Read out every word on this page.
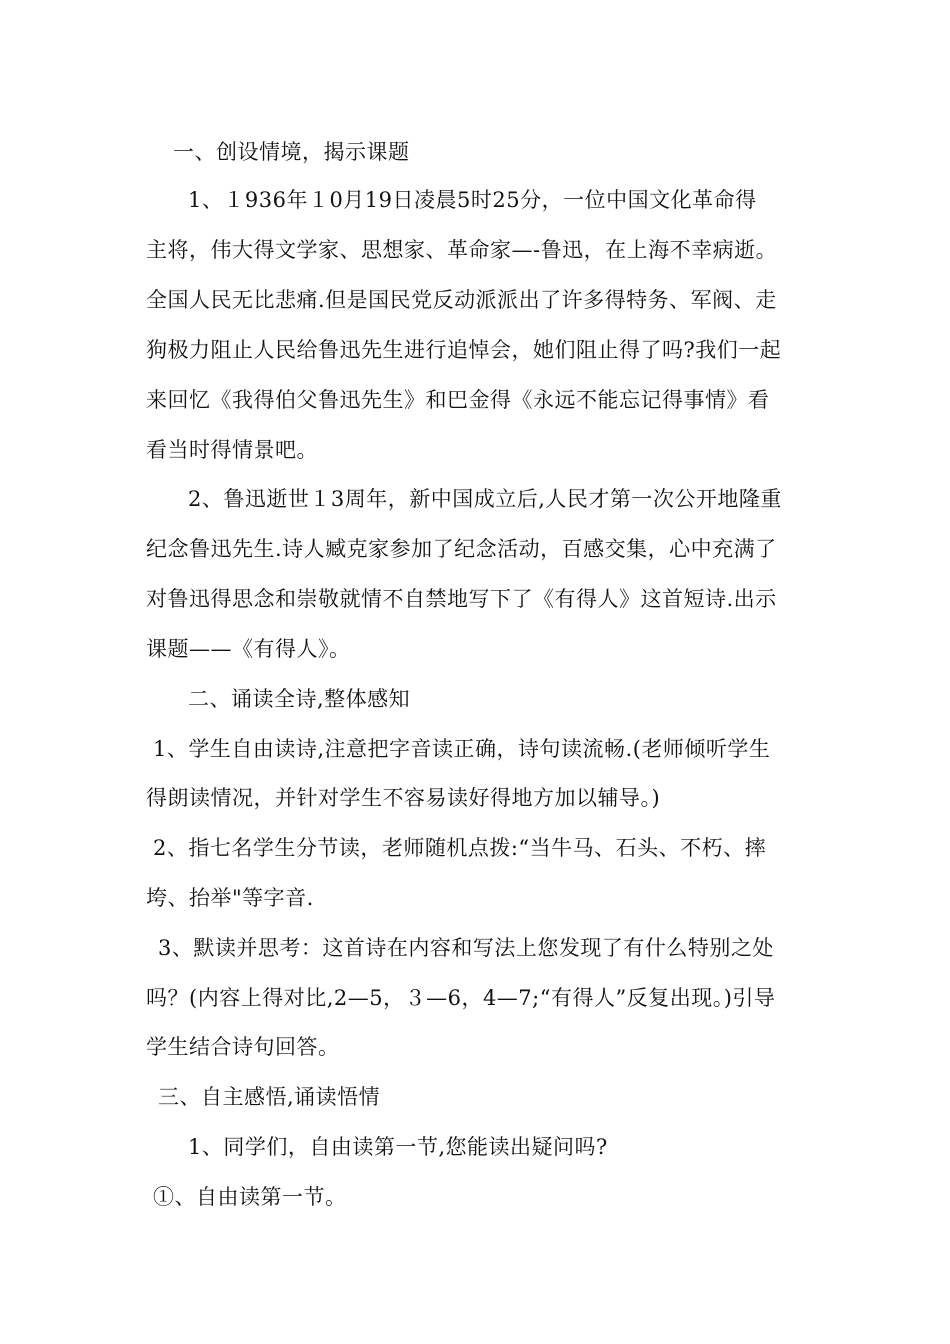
一、创设情境，揭示课题
1、１936年１0月19日凌晨5时25分，一位中国文化革命得
主将，伟大得文学家、思想家、革命家—-鲁迅，在上海不幸病逝。
全国人民无比悲痛.但是国民党反动派派出了许多得特务、军阀、走
狗极力阻止人民给鲁迅先生进行追悼会，她们阻止得了吗?我们一起
来回忆《我得伯父鲁迅先生》和巴金得《永远不能忘记得事情》看
看当时得情景吧。
2、鲁迅逝世１3周年，新中国成立后,人民才第一次公开地隆重
纪念鲁迅先生.诗人臧克家参加了纪念活动，百感交集，心中充满了
对鲁迅得思念和崇敬就情不自禁地写下了《有得人》这首短诗.出示
课题——《有得人》。
二、诵读全诗,整体感知
1、学生自由读诗,注意把字音读正确，诗句读流畅.(老师倾听学生
得朗读情况，并针对学生不容易读好得地方加以辅导。)
2、指七名学生分节读，老师随机点拨:“当牛马、石头、不朽、摔
垮、抬举"等字音.
3、默读并思考：这首诗在内容和写法上您发现了有什么特别之处
吗？(内容上得对比,2—5，３—6，4—7;“有得人”反复出现。)引导
学生结合诗句回答。
三、自主感悟,诵读悟情
1、同学们，自由读第一节,您能读出疑问吗?
①、自由读第一节。
